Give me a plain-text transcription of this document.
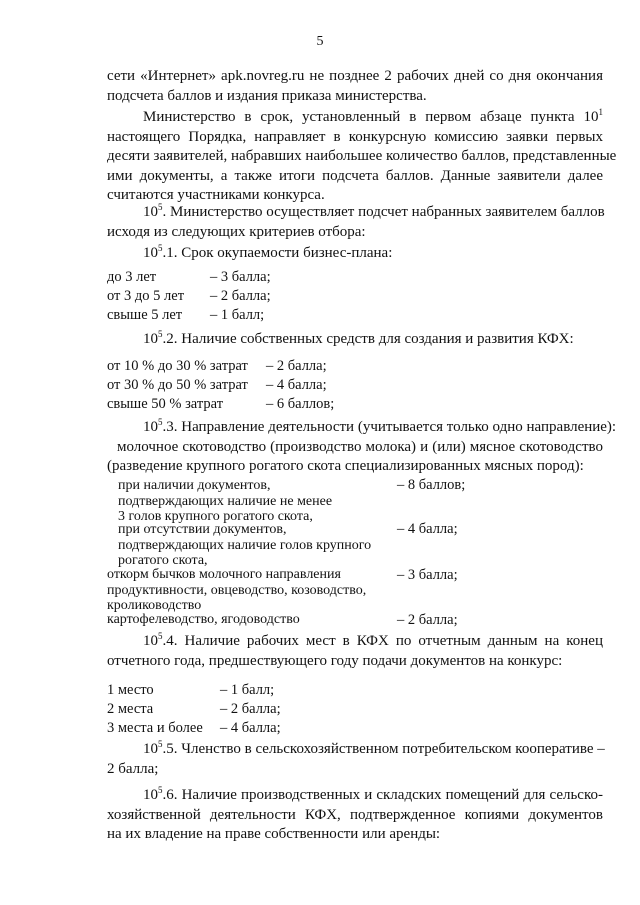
5
сети «Интернет» apk.novreg.ru не позднее 2 рабочих дней со дня окончания
подсчета баллов и издания приказа министерства.
Министерство в срок, установленный в первом абзаце пункта $10^1$
настоящего Порядка, направляет в конкурсную комиссию заявки первых
десяти заявителей, набравших наибольшее количество баллов, представленные
ими документы, а также итоги подсчета баллов. Данные заявители далее
считаются участниками конкурса.
$10^5$. Министерство осуществляет подсчет набранных заявителем баллов
исходя из следующих критериев отбора:
$10^5.1$. Срок окупаемости бизнес-плана:
до 3 лет	– 3 балла;
от 3 до 5 лет – 2 балла;
свыше 5 лет – 1 балл;
$10^5.2$. Наличие собственных средств для создания и развития КФХ:
от 10 % до 30 % затрат – 2 балла;
от 30 % до 50 % затрат – 4 балла;
свыше 50 % затрат	– 6 баллов;
$10^5.3$. Направление деятельности (учитывается только одно направление):
молочное скотоводство (производство молока) и (или) мясное скотоводство
(разведение крупного рогатого скота специализированных мясных пород):
при наличии документов,
подтверждающих наличие не менее
3 голов крупного рогатого скота,
– 8 баллов;
при отсутствии документов,
подтверждающих наличие голов крупного
рогатого скота,
– 4 балла;
откорм бычков молочного направления
продуктивности, овцеводство, козоводство,
кролиководство
– 3 балла;
картофелеводство, ягодоводство	– 2 балла;
$10^5.4$. Наличие рабочих мест в КФХ по отчетным данным на конец
отчетного года, предшествующего году подачи документов на конкурс:
1 место	– 1 балл;
2 места	– 2 балла;
3 места и более – 4 балла;
$10^5.5$. Членство в сельскохозяйственном потребительском кооперативе –
2 балла;
$10^5.6$. Наличие производственных и складских помещений для сельско-
хозяйственной деятельности КФХ, подтвержденное копиями документов
на их владение на праве собственности или аренды:
